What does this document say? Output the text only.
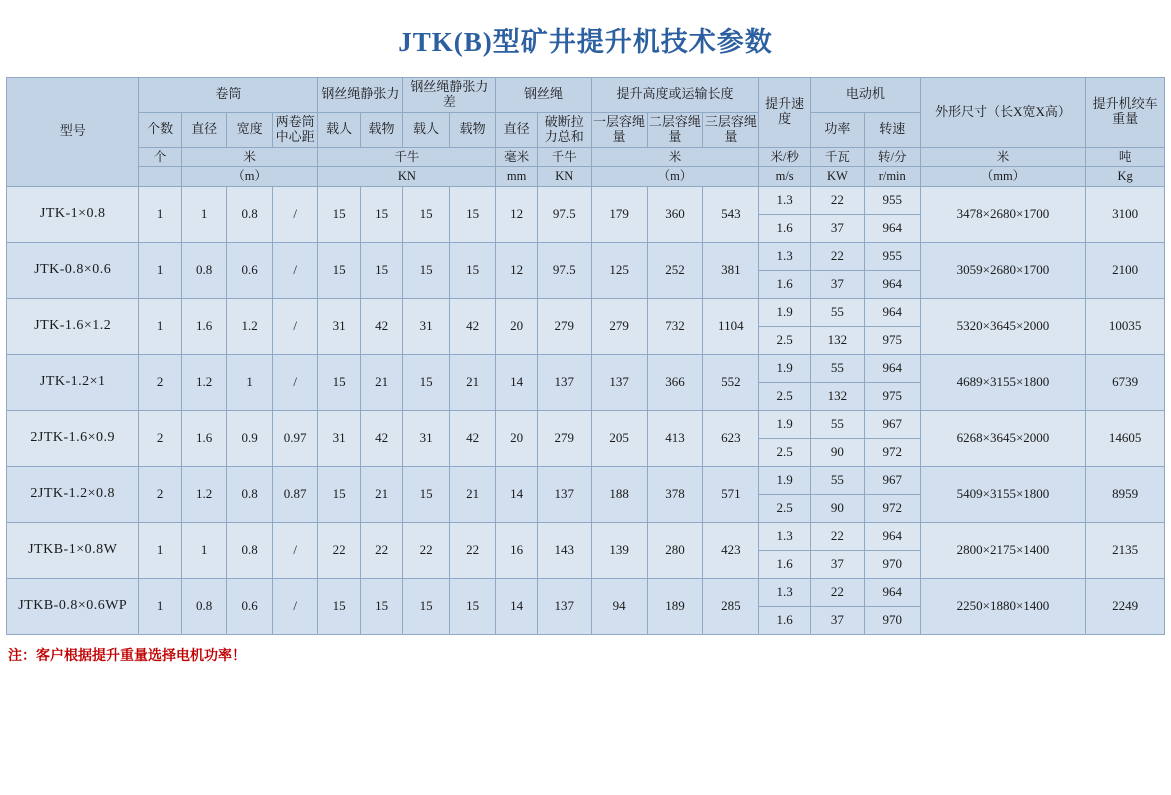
JTK(B)型矿井提升机技术参数
型号	卷筒				钢丝绳静张力		钢丝绳静张力差		钢丝绳		提升高度或运输长度			提升速度	电动机		外形尺寸（长X宽X高）	提升机绞车重量
	个数	直径	宽度	两卷筒中心距	载人	载物	载人	载物	直径	破断拉力总和	一层容绳量	二层容绳量	三层容绳量		功率	转速		
	个	米			千牛				毫米	千牛	米			米/秒	千瓦	转/分	米	吨
		（m）			KN				mm	KN	（m）			m/s	KW	r/min	（mm）	Kg
JTK-1×0.8	1	1	0.8	/	15	15	15	15	12	97.5	179	360	543	1.3	22	955	3478×2680×1700	3100
														1.6	37	964		
JTK-0.8×0.6	1	0.8	0.6	/	15	15	15	15	12	97.5	125	252	381	1.3	22	955	3059×2680×1700	2100
														1.6	37	964		
JTK-1.6×1.2	1	1.6	1.2	/	31	42	31	42	20	279	279	732	1104	1.9	55	964	5320×3645×2000	10035
														2.5	132	975		
JTK-1.2×1	2	1.2	1	/	15	21	15	21	14	137	137	366	552	1.9	55	964	4689×3155×1800	6739
														2.5	132	975		
2JTK-1.6×0.9	2	1.6	0.9	0.97	31	42	31	42	20	279	205	413	623	1.9	55	967	6268×3645×2000	14605
														2.5	90	972		
2JTK-1.2×0.8	2	1.2	0.8	0.87	15	21	15	21	14	137	188	378	571	1.9	55	967	5409×3155×1800	8959
														2.5	90	972		
JTKB-1×0.8W	1	1	0.8	/	22	22	22	22	16	143	139	280	423	1.3	22	964	2800×2175×1400	2135
														1.6	37	970		
JTKB-0.8×0.6WP	1	0.8	0.6	/	15	15	15	15	14	137	94	189	285	1.3	22	964	2250×1880×1400	2249
														1.6	37	970		
注：客户根据提升重量选择电机功率！
